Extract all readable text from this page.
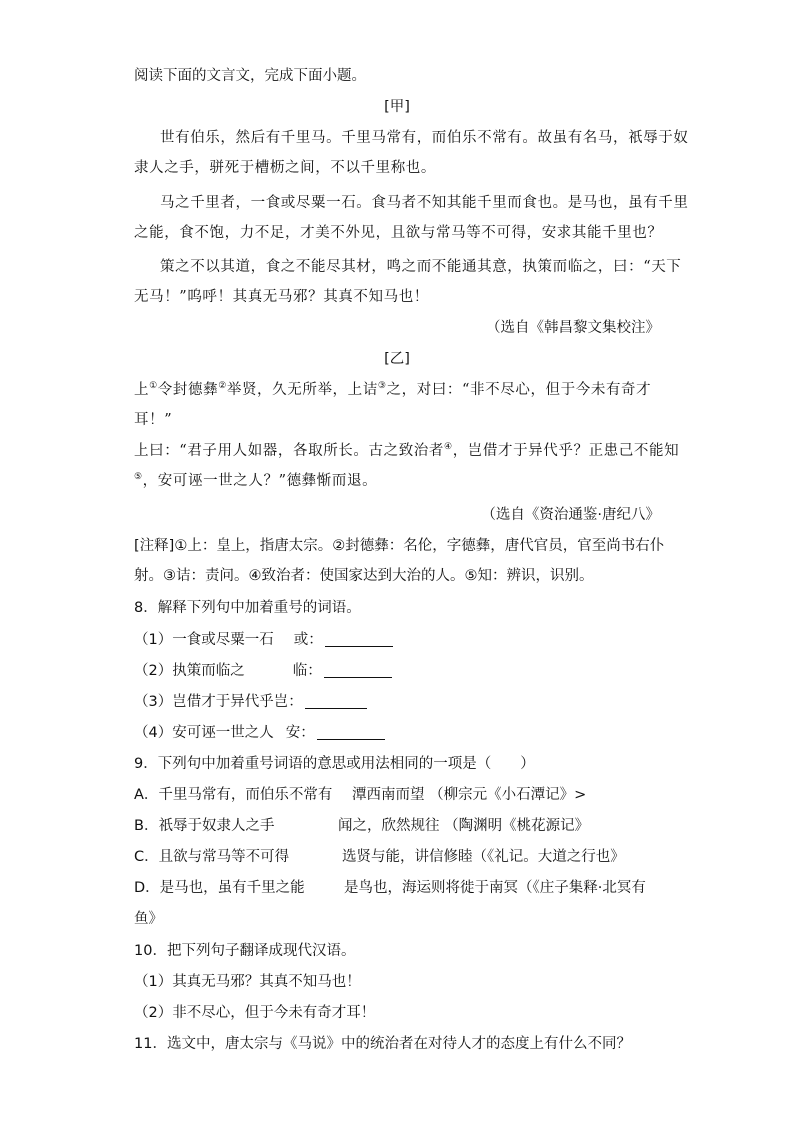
阅读下面的文言文，完成下面小题。
[甲]
世有伯乐，然后有千里马。千里马常有，而伯乐不常有。故虽有名马，祇辱于奴
隶人之手，骈死于槽枥之间，不以千里称也。
马之千里者，一食或尽粟一石。食马者不知其能千里而食也。是马也，虽有千里
之能，食不饱，力不足，才美不外见，且欲与常马等不可得，安求其能千里也？
策之不以其道，食之不能尽其材，鸣之而不能通其意，执策而临之，曰：“天下
无马！”呜呼！其真无马邪？其真不知马也！
（选自《韩昌黎文集校注》
[乙]
上①令封德彝②举贤，久无所举，上诘③之，对曰：“非不尽心，但于今未有奇才
耳！”
上曰：“君子用人如器，各取所长。古之致治者④，岂借才于异代乎？正患己不能知
⑤，安可诬一世之人？”德彝惭而退。
（选自《资治通鉴·唐纪八》
[注释]①上：皇上，指唐太宗。②封德彝：名伦，字德彝，唐代官员，官至尚书右仆
射。③诘：责问。④致治者：使国家达到大治的人。⑤知：辨识，识别。
8．解释下列句中加着重号的词语。
（1）一食或尽粟一石 或：
（2）执策而临之	临：
（3）岂借才于异代乎岂：
（4）安可诬一世之人 安：
9．下列句中加着重号词语的意思或用法相同的一项是（　　）
A．千里马常有，而伯乐不常有 潭西南而望 （柳宗元《小石潭记》>
B．祇辱于奴隶人之手	闻之，欣然规往 （陶渊明《桃花源记》
C．且欲与常马等不可得	选贤与能，讲信修睦（《礼记。大道之行也》
D．是马也，虽有千里之能	是鸟也，海运则将徙于南冥（《庄子集释·北冥有
鱼》
10．把下列句子翻译成现代汉语。
（1）其真无马邪？其真不知马也！
（2）非不尽心，但于今未有奇才耳！
11．选文中，唐太宗与《马说》中的统治者在对待人才的态度上有什么不同？
